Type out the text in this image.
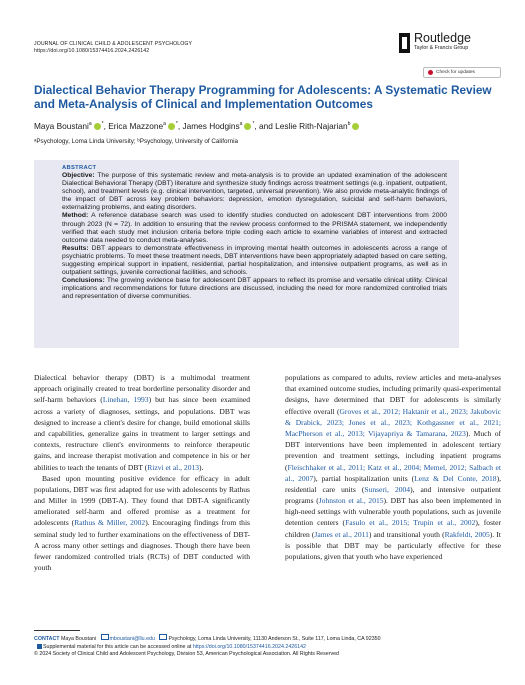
JOURNAL OF CLINICAL CHILD & ADOLESCENT PSYCHOLOGY
https://doi.org/10.1080/15374416.2024.2426142
Routledge
Taylor & Francis Group
Check for updates
Dialectical Behavior Therapy Programming for Adolescents: A Systematic Review and Meta-Analysis of Clinical and Implementation Outcomes
Maya Boustani$^a$ *, Erica Mazzone$^a$ *, James Hodgins$^a$ *, and Leslie Rith-Najarian$^b$
ᵃPsychology, Loma Linda University; ᵇPsychology, University of California
ABSTRACT

Objective: The purpose of this systematic review and meta-analysis is to provide an updated examination of the adolescent Dialectical Behavioral Therapy (DBT) literature and synthesize study findings across treatment settings (e.g. inpatient, outpatient, school), and treatment levels (e.g. clinical intervention, targeted, universal prevention). We also provide meta-analytic findings of the impact of DBT across key problem behaviors: depression, emotion dysregulation, suicidal and self-harm behaviors, externalizing problems, and eating disorders.

Method: A reference database search was used to identify studies conducted on adolescent DBT interventions from 2000 through 2023 (N = 72). In addition to ensuring that the review process conformed to the PRISMA statement, we independently verified that each study met inclusion criteria before triple coding each article to examine variables of interest and extracted outcome data needed to conduct meta-analyses.

Results: DBT appears to demonstrate effectiveness in improving mental health outcomes in adolescents across a range of psychiatric problems. To meet these treatment needs, DBT interventions have been appropriately adapted based on care setting, suggesting empirical support in inpatient, residential, partial hospitalization, and intensive outpatient programs, as well as in outpatient settings, juvenile correctional facilities, and schools.

Conclusions: The growing evidence base for adolescent DBT appears to reflect its promise and versatile clinical utility. Clinical implications and recommendations for future directions are discussed, including the need for more randomized controlled trials and representation of diverse communities.

Dialectical behavior therapy (DBT) is a multimodal treatment approach originally created to treat borderline personality disorder and self-harm behaviors (Linehan, 1993) but has since been examined across a variety of diagnoses, settings, and populations. DBT was designed to increase a client's desire for change, build emotional skills and capabilities, generalize gains in treatment to larger settings and contexts, restructure client's environments to reinforce therapeutic gains, and increase therapist motivation and competence in his or her abilities to teach the tenants of DBT (Rizvi et al., 2013).

Based upon mounting positive evidence for efficacy in adult populations, DBT was first adapted for use with adolescents by Rathus and Miller in 1999 (DBT-A). They found that DBT-A significantly ameliorated self-harm and offered promise as a treatment for adolescents (Rathus & Miller, 2002). Encouraging findings from this seminal study led to further examinations on the effectiveness of DBT-A across many other settings and diagnoses. Though there have been fewer randomized controlled trials (RCTs) of DBT conducted with youth

populations as compared to adults, review articles and meta-analyses that examined outcome studies, including primarily quasi-experimental designs, have determined that DBT for adolescents is similarly effective overall (Groves et al., 2012; Haktanir et al., 2023; Jakubovic & Drabick, 2023; Jones et al., 2023; Kothgassner et al., 2021; MacPherson et al., 2013; Vijayapriya & Tamarana, 2023). Much of DBT interventions have been implemented in adolescent tertiary prevention and treatment settings, including inpatient programs (Fleischhaker et al., 2011; Katz et al., 2004; Memel, 2012; Salbach et al., 2007), partial hospitalization units (Lenz & Del Conte, 2018), residential care units (Sunseri, 2004), and intensive outpatient programs (Johnston et al., 2015). DBT has also been implemented in high-need settings with vulnerable youth populations, such as juvenile detention centers (Fasulo et al., 2015; Trupin et al., 2002), foster children (James et al., 2011) and transitional youth (Rakfeldt, 2005). It is possible that DBT may be particularly effective for these populations, given that youth who have experienced

CONTACT Maya Boustani	mboustani@llu.edu	Psychology, Loma Linda University, 11130 Anderson St., Suite 117, Loma Linda, CA 92350
Supplemental material for this article can be accessed online at https://doi.org/10.1080/15374416.2024.2426142
© 2024 Society of Clinical Child and Adolescent Psychology, Division 53, American Psychological Association. All Rights Reserved
